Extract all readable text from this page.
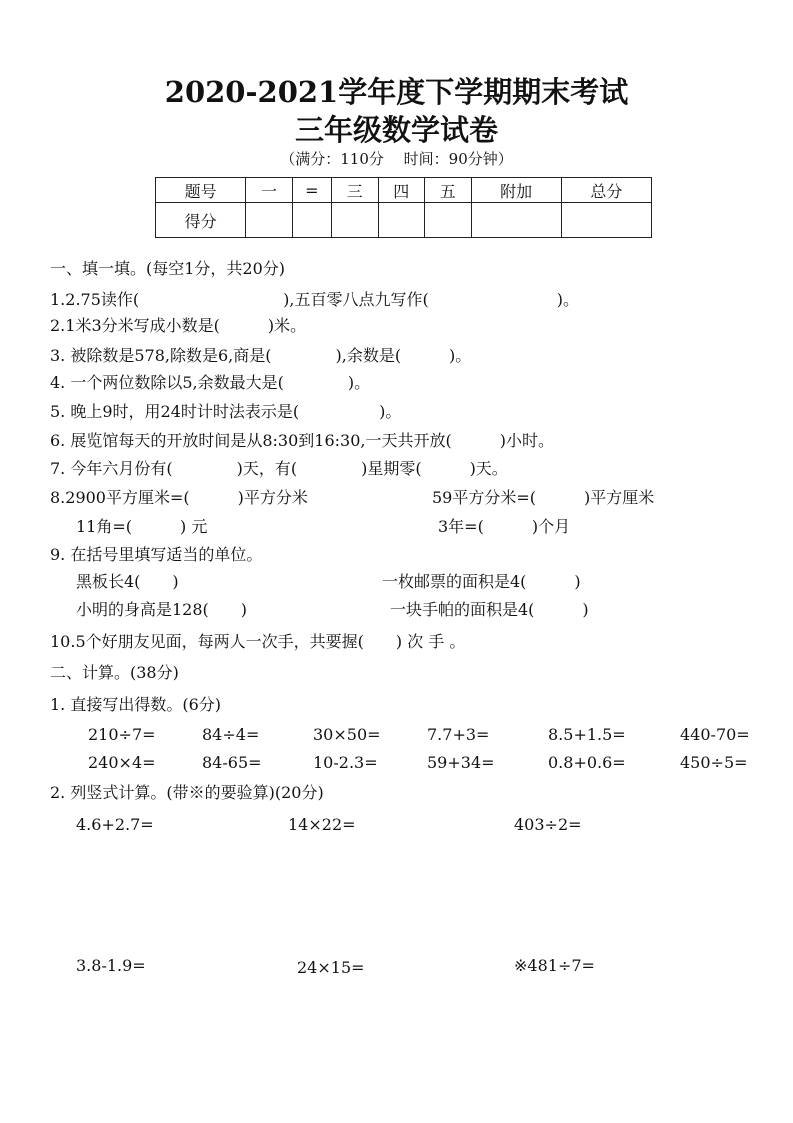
2020-2021学年度下学期期末考试
三年级数学试卷
（满分：110分　 时间：90分钟）
题号	一	=	三	四	五	附加	总分
得分							
一、填一填。(每空1分，共20分)
1.2.75读作(　　　　　　　　　),五百零八点九写作(　　　　　　　　)。
2.1米3分米写成小数是(　　　)米。
3. 被除数是578,除数是6,商是(　　　　),余数是(　　　)。
4. 一个两位数除以5,余数最大是(　　　　)。
5. 晚上9时，用24时计时法表示是(　　　　　)。
6. 展览馆每天的开放时间是从8:30到16:30,一天共开放(　　　)小时。
7. 今年六月份有(　　　　)天，有(　　　　)星期零(　　　)天。
8.2900平方厘米=(　　　)平方分米	59平方分米=(　　　)平方厘米
11角=(　　　) 元	3年=(　　　)个月
9. 在括号里填写适当的单位。
黑板长4(　　)	一枚邮票的面积是4(　　　)
小明的身高是128(　　)	一块手帕的面积是4(　　　)
10.5个好朋友见面，每两人一次手，共要握(　　) 次 手 。
二、计算。(38分)
1. 直接写出得数。(6分)
210÷7=	84÷4=	30×50=	7.7+3=	8.5+1.5=	440-70=
240×4=	84-65=	10-2.3=	59+34=	0.8+0.6=	450÷5=
2. 列竖式计算。(带※的要验算)(20分)
4.6+2.7=	14×22=	403÷2=
3.8-1.9=	24×15=	※481÷7=
